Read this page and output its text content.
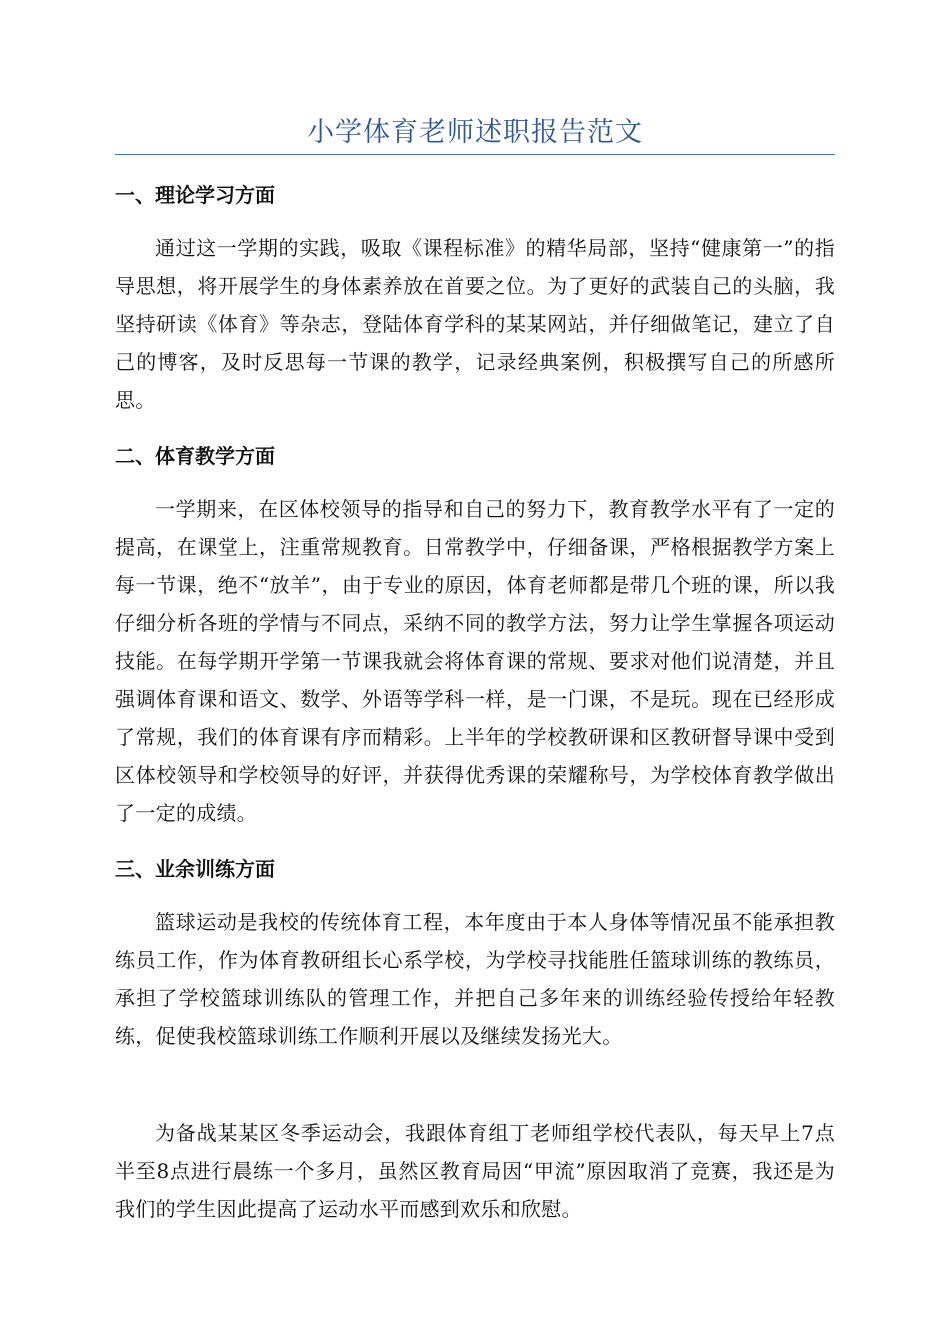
小学体育老师述职报告范文
一、理论学习方面
通过这一学期的实践，吸取《课程标准》的精华局部，坚持“健康第一”的指导思想，将开展学生的身体素养放在首要之位。为了更好的武装自己的头脑，我坚持研读《体育》等杂志，登陆体育学科的某某网站，并仔细做笔记，建立了自己的博客，及时反思每一节课的教学，记录经典案例，积极撰写自己的所感所思。
二、体育教学方面
一学期来，在区体校领导的指导和自己的努力下，教育教学水平有了一定的提高，在课堂上，注重常规教育。日常教学中，仔细备课，严格根据教学方案上每一节课，绝不“放羊”，由于专业的原因，体育老师都是带几个班的课，所以我仔细分析各班的学情与不同点，采纳不同的教学方法，努力让学生掌握各项运动技能。在每学期开学第一节课我就会将体育课的常规、要求对他们说清楚，并且强调体育课和语文、数学、外语等学科一样，是一门课，不是玩。现在已经形成了常规，我们的体育课有序而精彩。上半年的学校教研课和区教研督导课中受到区体校领导和学校领导的好评，并获得优秀课的荣耀称号，为学校体育教学做出了一定的成绩。
三、业余训练方面
篮球运动是我校的传统体育工程，本年度由于本人身体等情况虽不能承担教练员工作，作为体育教研组长心系学校，为学校寻找能胜任篮球训练的教练员，承担了学校篮球训练队的管理工作，并把自己多年来的训练经验传授给年轻教练，促使我校篮球训练工作顺利开展以及继续发扬光大。
为备战某某区冬季运动会，我跟体育组丁老师组学校代表队，每天早上7点半至8点进行晨练一个多月，虽然区教育局因“甲流”原因取消了竞赛，我还是为我们的学生因此提高了运动水平而感到欢乐和欣慰。
